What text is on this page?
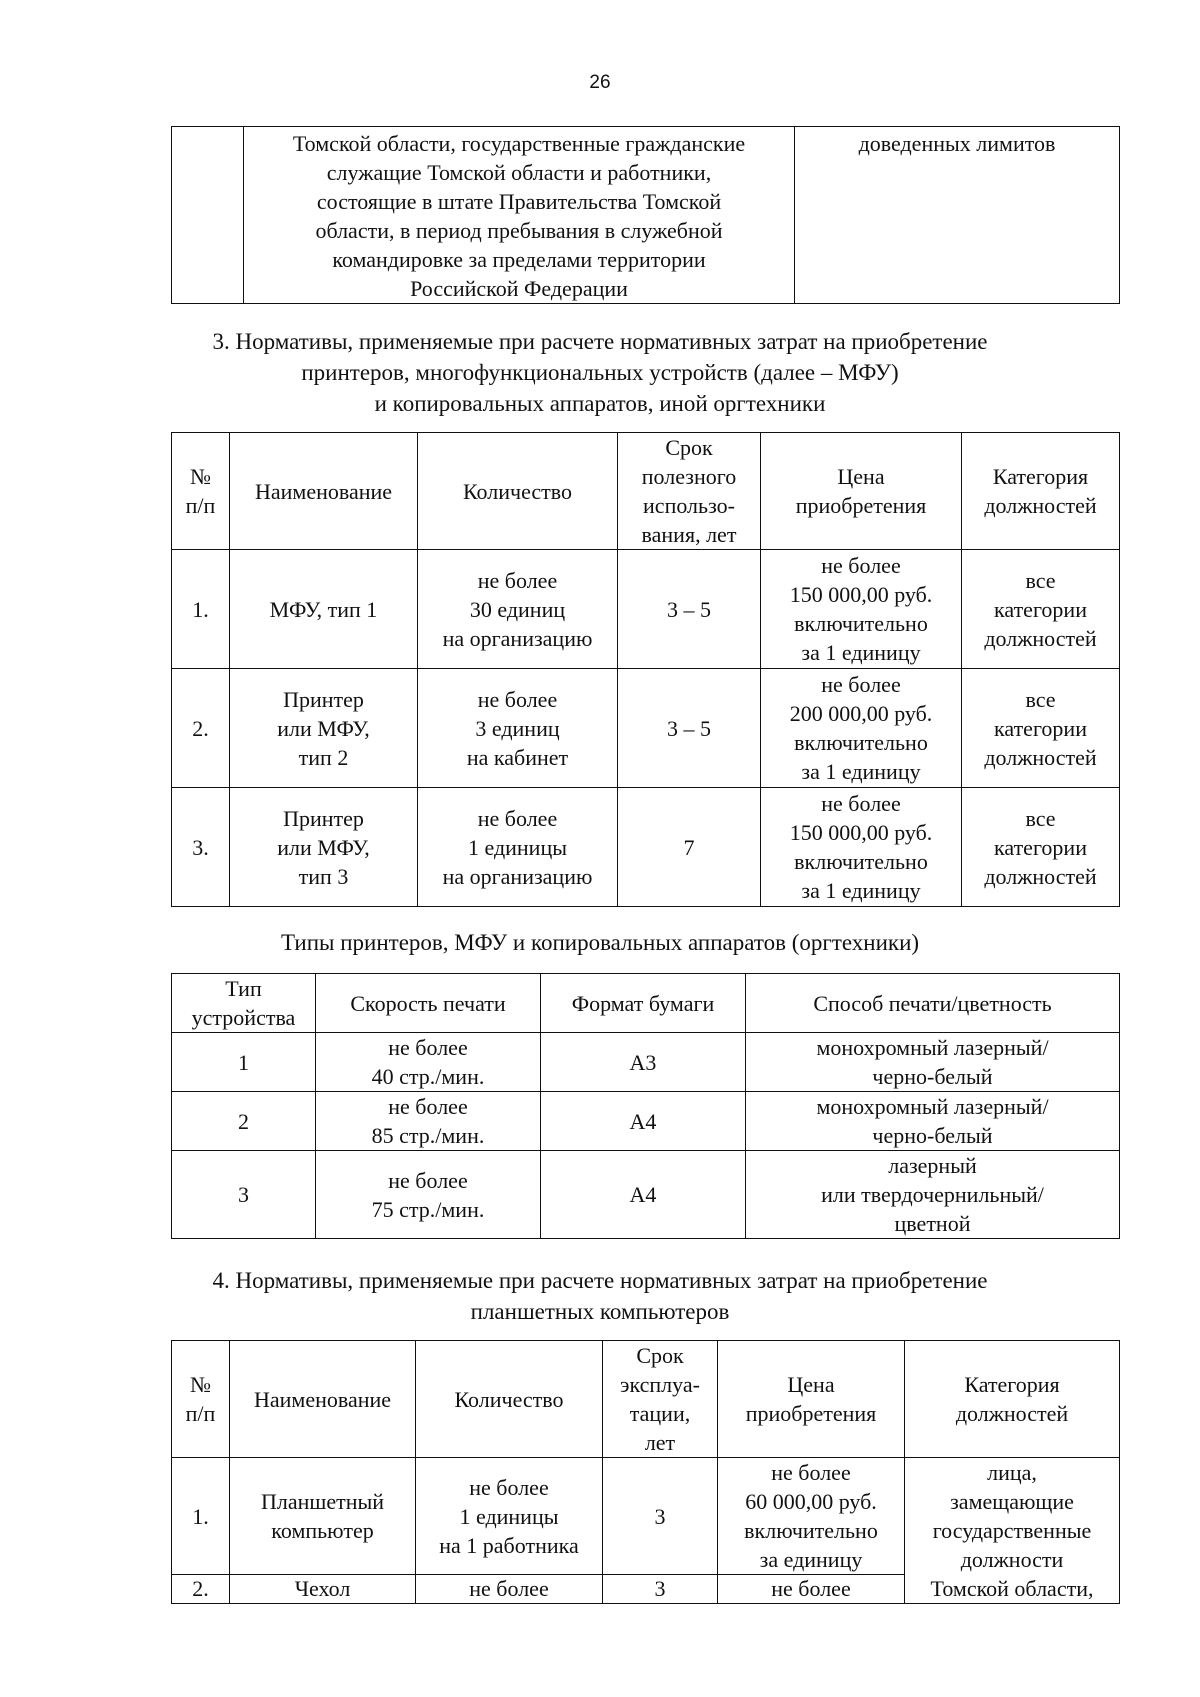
26
	Томской области, государственные гражданские
служащие Томской области и работники,
состоящие в штате Правительства Томской
области, в период пребывания в служебной
командировке за пределами территории
Российской Федерации	доведенных лимитов
3. Нормативы, применяемые при расчете нормативных затрат на приобретение
принтеров, многофункциональных устройств (далее – МФУ)
и копировальных аппаратов, иной оргтехники
№
п/п	Наименование	Количество	Срок
полезного
использо-
вания, лет	Цена
приобретения	Категория
должностей
1.	МФУ, тип 1	не более
30 единиц
на организацию	3 – 5	не более
150 000,00 руб.
включительно
за 1 единицу	все
категории
должностей
2.	Принтер
или МФУ,
тип 2	не более
3 единиц
на кабинет	3 – 5	не более
200 000,00 руб.
включительно
за 1 единицу	все
категории
должностей
3.	Принтер
или МФУ,
тип 3	не более
1 единицы
на организацию	7	не более
150 000,00 руб.
включительно
за 1 единицу	все
категории
должностей
Типы принтеров, МФУ и копировальных аппаратов (оргтехники)
Тип
устройства	Скорость печати	Формат бумаги	Способ печати/цветность
1	не более
40 стр./мин.	А3	монохромный лазерный/
черно-белый
2	не более
85 стр./мин.	А4	монохромный лазерный/
черно-белый
3	не более
75 стр./мин.	А4	лазерный
или твердочернильный/
цветной
4. Нормативы, применяемые при расчете нормативных затрат на приобретение
планшетных компьютеров
№
п/п	Наименование	Количество	Срок
эксплуа-
тации,
лет	Цена
приобретения	Категория
должностей
1.	Планшетный
компьютер	не более
1 единицы
на 1 работника	3	не более
60 000,00 руб.
включительно
за единицу	лица,
замещающие
государственные
должности
Томской области,
2.	Чехол	не более	3	не более	
